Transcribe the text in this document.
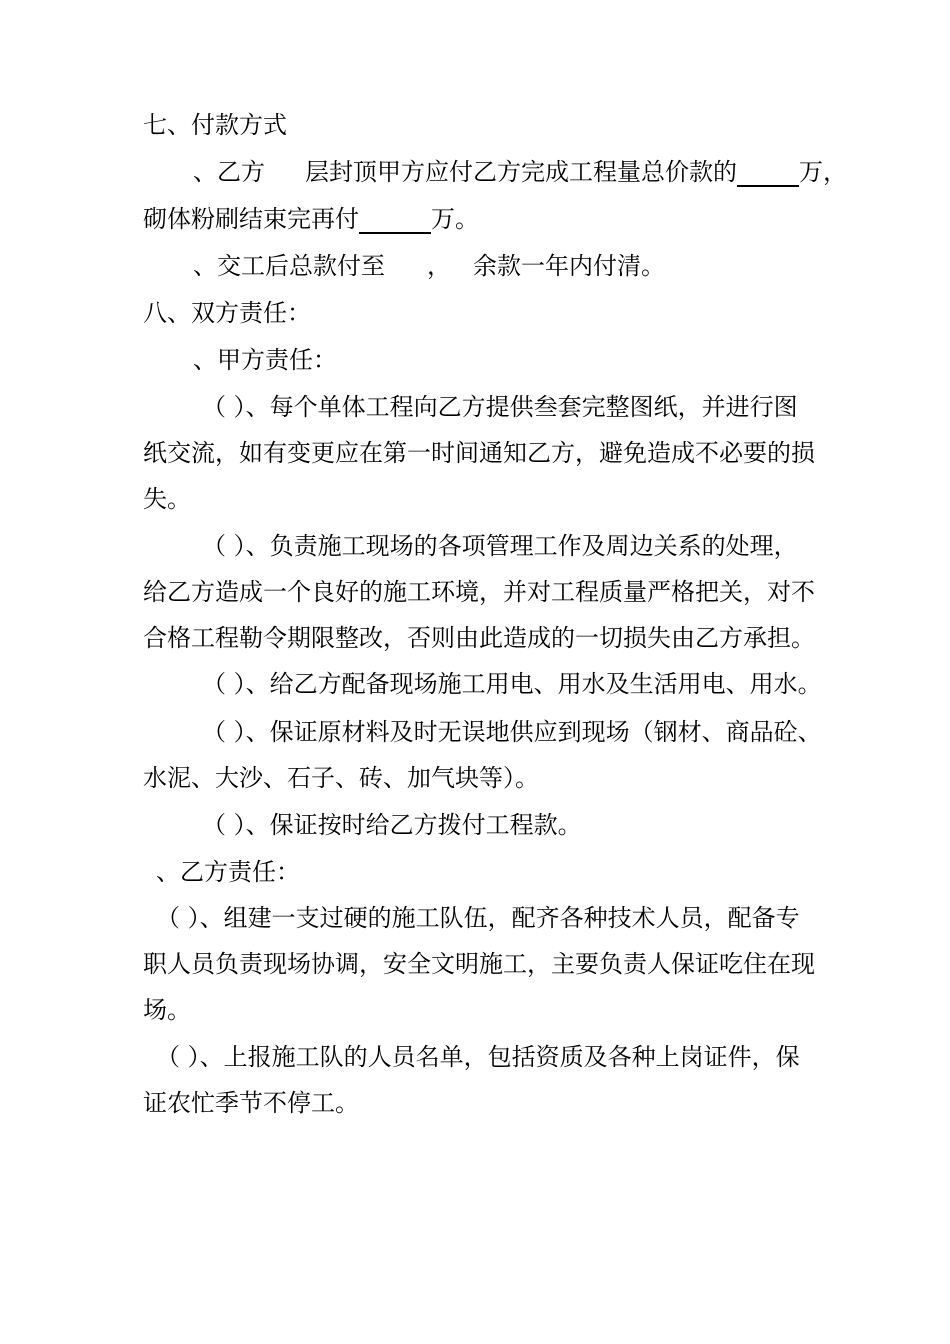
七、付款方式
、乙方 层封顶甲方应付乙方完成工程量总价款的	万，
砌体粉刷结束完再付	万。
、交工后总款付至 ， 余款一年内付清。
八、双方责任：
、甲方责任：
（ ）、每个单体工程向乙方提供叁套完整图纸，并进行图
纸交流，如有变更应在第一时间通知乙方，避免造成不必要的损
失。
（ ）、负责施工现场的各项管理工作及周边关系的处理，
给乙方造成一个良好的施工环境，并对工程质量严格把关，对不
合格工程勒令期限整改，否则由此造成的一切损失由乙方承担。
（ ）、给乙方配备现场施工用电、用水及生活用电、用水。
（ ）、保证原材料及时无误地供应到现场（钢材、商品砼、
水泥、大沙、石子、砖、加气块等）。
（ ）、保证按时给乙方拨付工程款。
、乙方责任：
（ ）、组建一支过硬的施工队伍，配齐各种技术人员，配备专
职人员负责现场协调，安全文明施工，主要负责人保证吃住在现
场。
（ ）、上报施工队的人员名单，包括资质及各种上岗证件，保
证农忙季节不停工。
